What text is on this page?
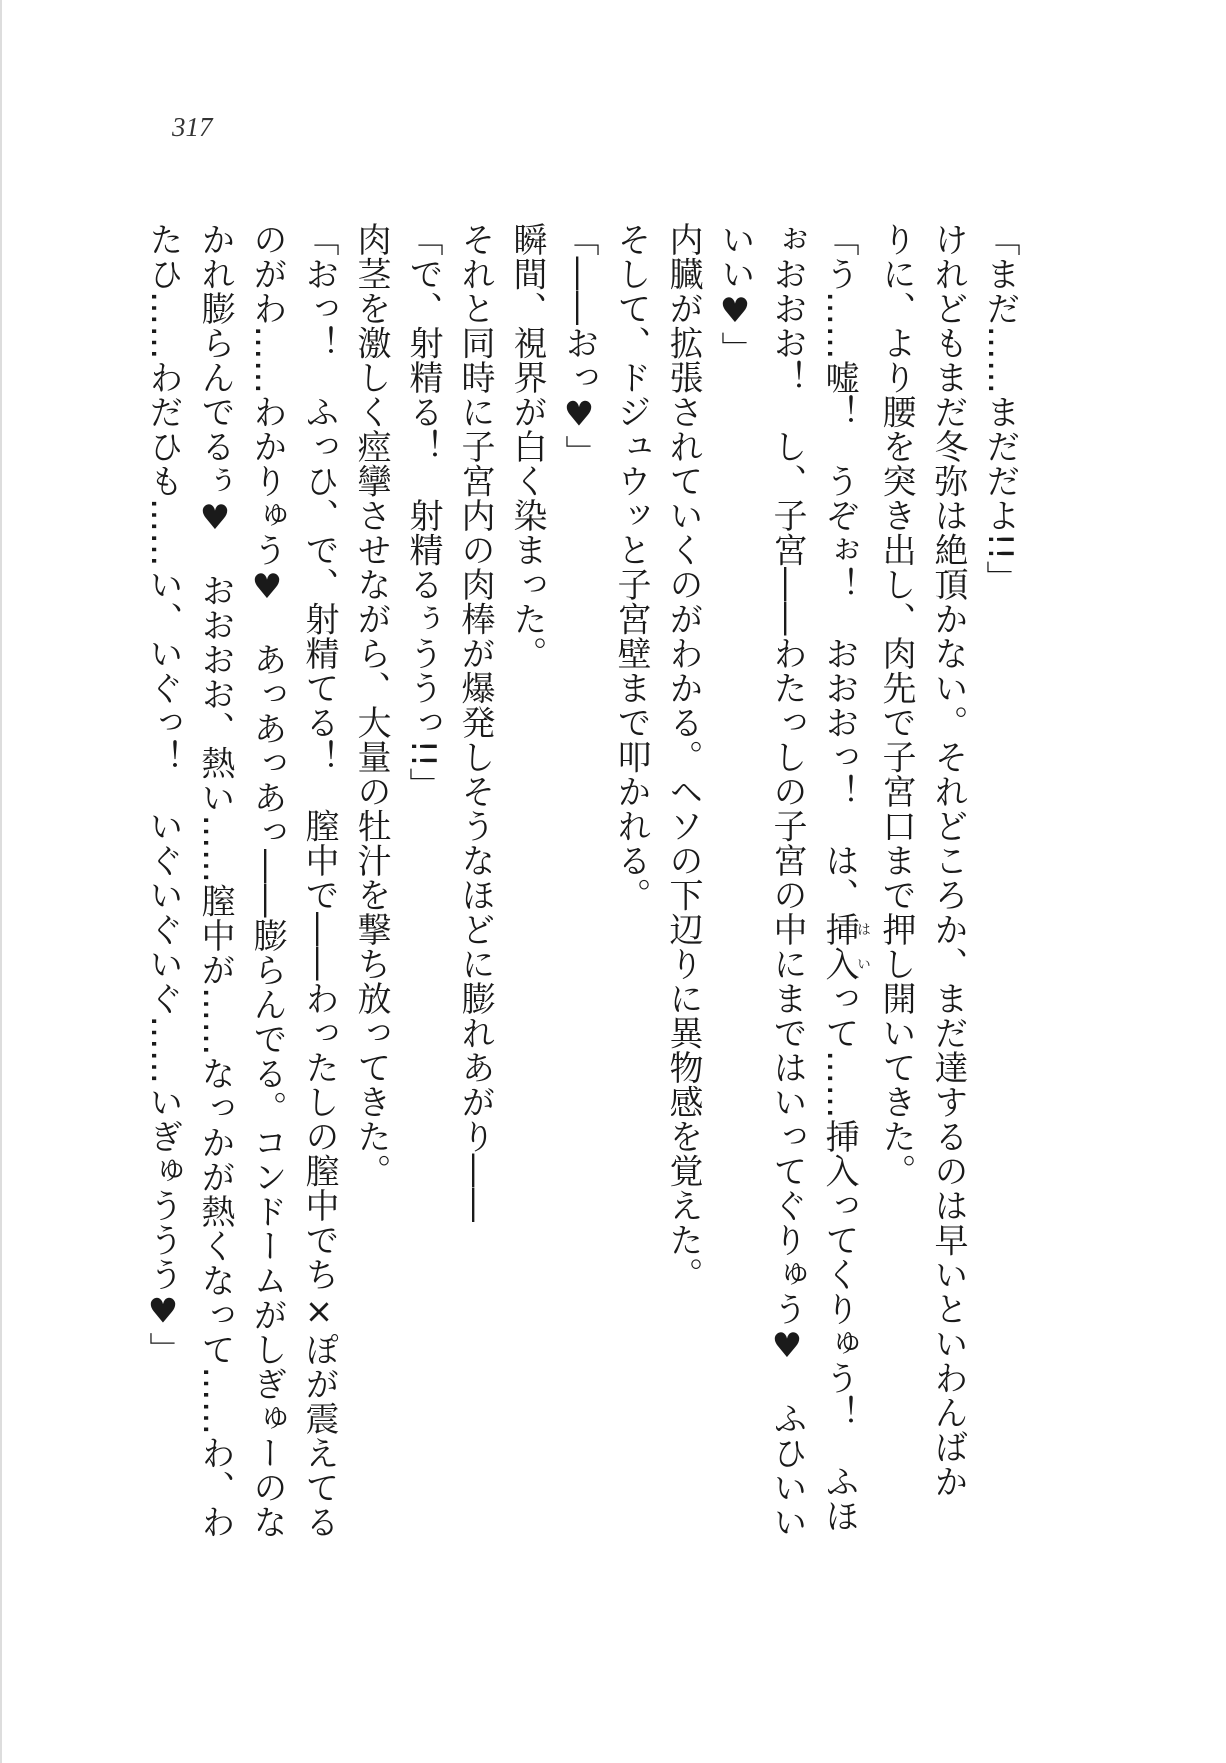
317
「まだ……まだだよ!!」
けれどもまだ冬弥は絶頂かない。それどころか、まだ達するのは早いといわんばか
りに、より腰を突き出し、肉先で子宮口まで押し開いてきた。
「う……嘘！　うぞぉ！　おおおっ！　は、挿入はいって……挿入ってくりゅう！　ふほ
ぉおおお！　し、子宮――わたっしの子宮の中にまではいってぐりゅう♥　ふひいい
いい♥」
内臓が拡張されていくのがわかる。ヘソの下辺りに異物感を覚えた。
そして、ドジュウッと子宮壁まで叩かれる。
「――おっ♥」
瞬間、視界が白く染まった。
それと同時に子宮内の肉棒が爆発しそうなほどに膨れあがり――
「で、射精る！　射精るぅううっ!!」
肉茎を激しく痙攣させながら、大量の牡汁を撃ち放ってきた。
「おっ！　ふっひ、で、射精てる！　膣中で――わったしの膣中でち×ぽが震えてる
のがわ……わかりゅう♥　あっあっあっ――膨らんでる。コンドームがしぎゅーのな
かれ膨らんでるぅ♥　おおおお、熱い……膣中が……なっかが熱くなって……わ、わ
たひ……わだひも……い、いぐっ！　いぐいぐいぐ……いぎゅううう♥」
